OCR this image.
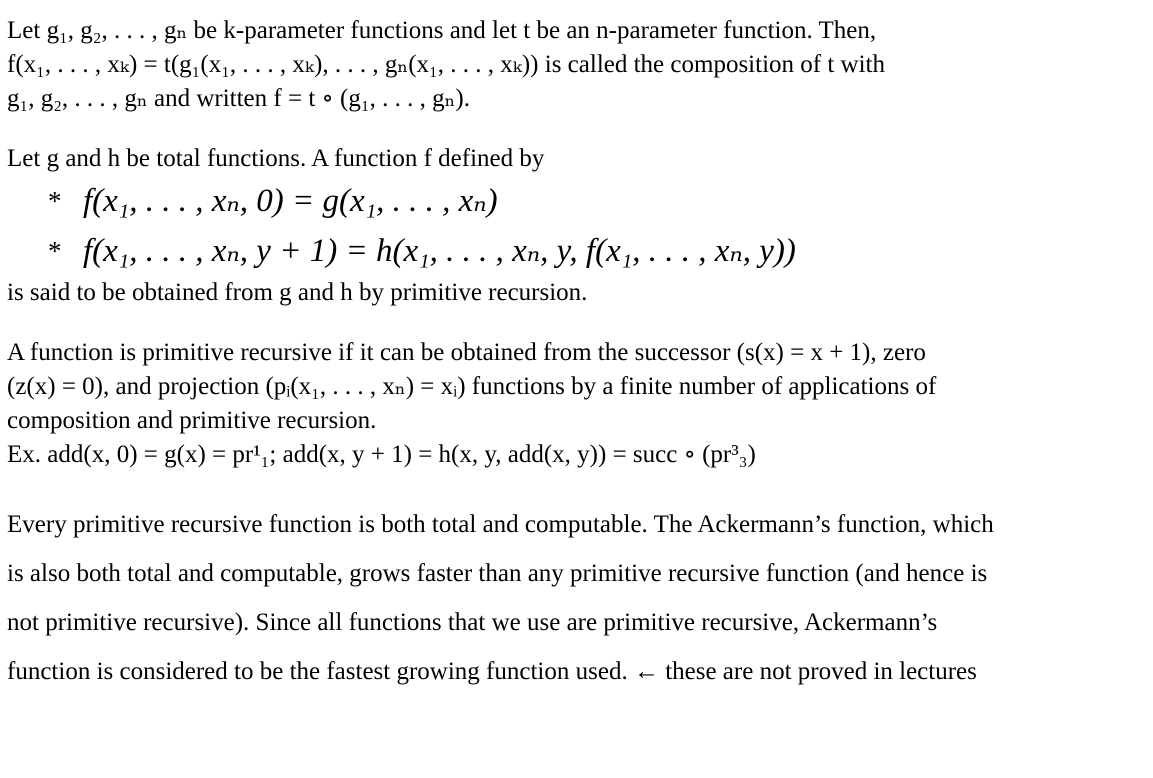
Let g₁, g₂, . . . , gₙ be k-parameter functions and let t be an n-parameter function. Then,
f(x₁, . . . , xₖ) = t(g₁(x₁, . . . , xₖ), . . . , gₙ(x₁, . . . , xₖ)) is called the composition of t with
g₁, g₂, . . . , gₙ and written f = t ∘ (g₁, . . . , gₙ).
Let g and h be total functions. A function f defined by
* f(x₁, . . . , xₙ, 0) = g(x₁, . . . , xₙ)
* f(x₁, . . . , xₙ, y + 1) = h(x₁, . . . , xₙ, y, f(x₁, . . . , xₙ, y))
is said to be obtained from g and h by primitive recursion.
A function is primitive recursive if it can be obtained from the successor (s(x) = x + 1), zero
(z(x) = 0), and projection (pᵢ(x₁, . . . , xₙ) = xᵢ) functions by a finite number of applications of
composition and primitive recursion.
Ex. add(x, 0) = g(x) = pr¹₁; add(x, y + 1) = h(x, y, add(x, y)) = succ ∘ (pr³₃)
Every primitive recursive function is both total and computable. The Ackermann’s function, which
is also both total and computable, grows faster than any primitive recursive function (and hence is
not primitive recursive). Since all functions that we use are primitive recursive, Ackermann’s
function is considered to be the fastest growing function used. ← these are not proved in lectures
